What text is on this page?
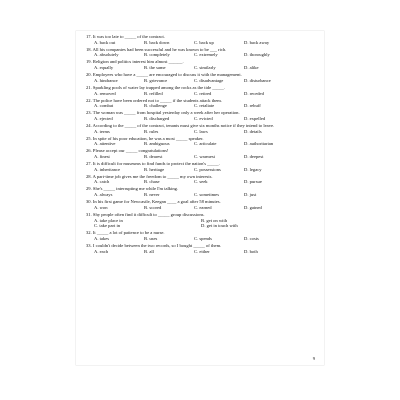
17. It was too late to _____ of the contract.
A. back out	B. back down	C. back up	D. back away
18. All his companies had been successful and he was known to be ___ rich.
A. absolutely	B. completely	C. extremely	D. thoroughly
19. Religion and politics interest him almost ______.
A. equally	B. the same	C. similarly	D. alike
20. Employees who have a _____ are encouraged to discuss it with the management.
A. hindrance	B. grievance	C. disadvantage	D. disturbance
21. Sparkling pools of water lay trapped among the rocks as the tide _____.
A. removed	B. refilled	C. retired	D. receded
22. The police have been ordered not to _____ if the students attack them.
A. combat	B. challenge	C. retaliate	D. rebuff
23. The woman was _____ from hospital yesterday only a week after her operation.
A. ejected	B. discharged	C. evicted	D. expelled
24. According to the _____ of the contract, tenants must give six months notice if they intend to leave.
A. terms	B. rules	C. laws	D. details
25. In spite of his poor education, he was a most _____ speaker.
A. attentive	B. ambiguous	C. articulate	D. authoritarian
26. Please accept our _____ congratulations!
A. finest	B. dearest	C. warmest	D. deepest
27. It is difficult for museums to find funds to protect the nation's _____.
A. inheritance	B. heritage	C. possessions	D. legacy
28. A part-time job gives me the freedom to _____ my own interests.
A. catch	B. chase	C. seek	D. pursue
29. She's _____ interrupting me while I'm talking.
A. always	B. never	C. sometimes	D. just
30. In his first game for Newcastle, Keegan ____ a goal after 58 minutes.
A. won	B. scored	C. earned	D. gained
31. Shy people often find it difficult to _____ group discussions.
A. take place in	B. get on with
C. take part in	D. get in touch with
32. It _____ a lot of patience to be a nurse.
A. takes	B. uses	C. spends	D. costs
33. I couldn't decide between the two records, so I bought _____ of them.
A. each	B. all	C. either	D. both
9
